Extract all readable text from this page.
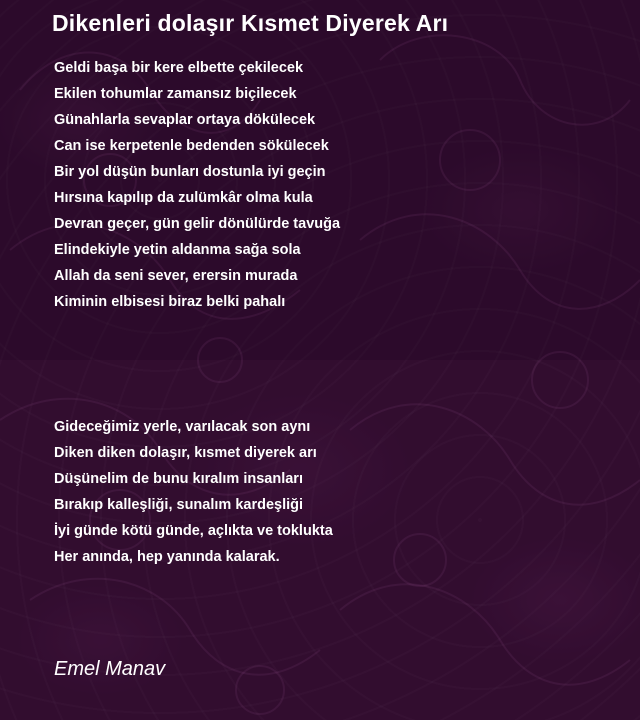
Dikenleri dolaşır Kısmet Diyerek Arı
Geldi başa bir kere elbette çekilecek
Ekilen tohumlar zamansız biçilecek
Günahlarla sevaplar ortaya dökülecek
Can ise kerpetenle bedenden sökülecek
Bir yol düşün bunları dostunla iyi geçin
Hırsına kapılıp da zulümkâr olma kula
Devran geçer, gün gelir dönülürde tavuğa
Elindekiyle yetin aldanma sağa sola
Allah da seni sever, erersin murada
Kiminin elbisesi biraz belki pahalı
Gideceğimiz yerle, varılacak son aynı
Diken diken dolaşır, kısmet diyerek arı
Düşünelim de bunu kıralım insanları
Bırakıp kalleşliği, sunalım kardeşliği
İyi günde kötü günde, açlıkta ve toklukta
Her anında, hep yanında kalarak.
Emel Manav
